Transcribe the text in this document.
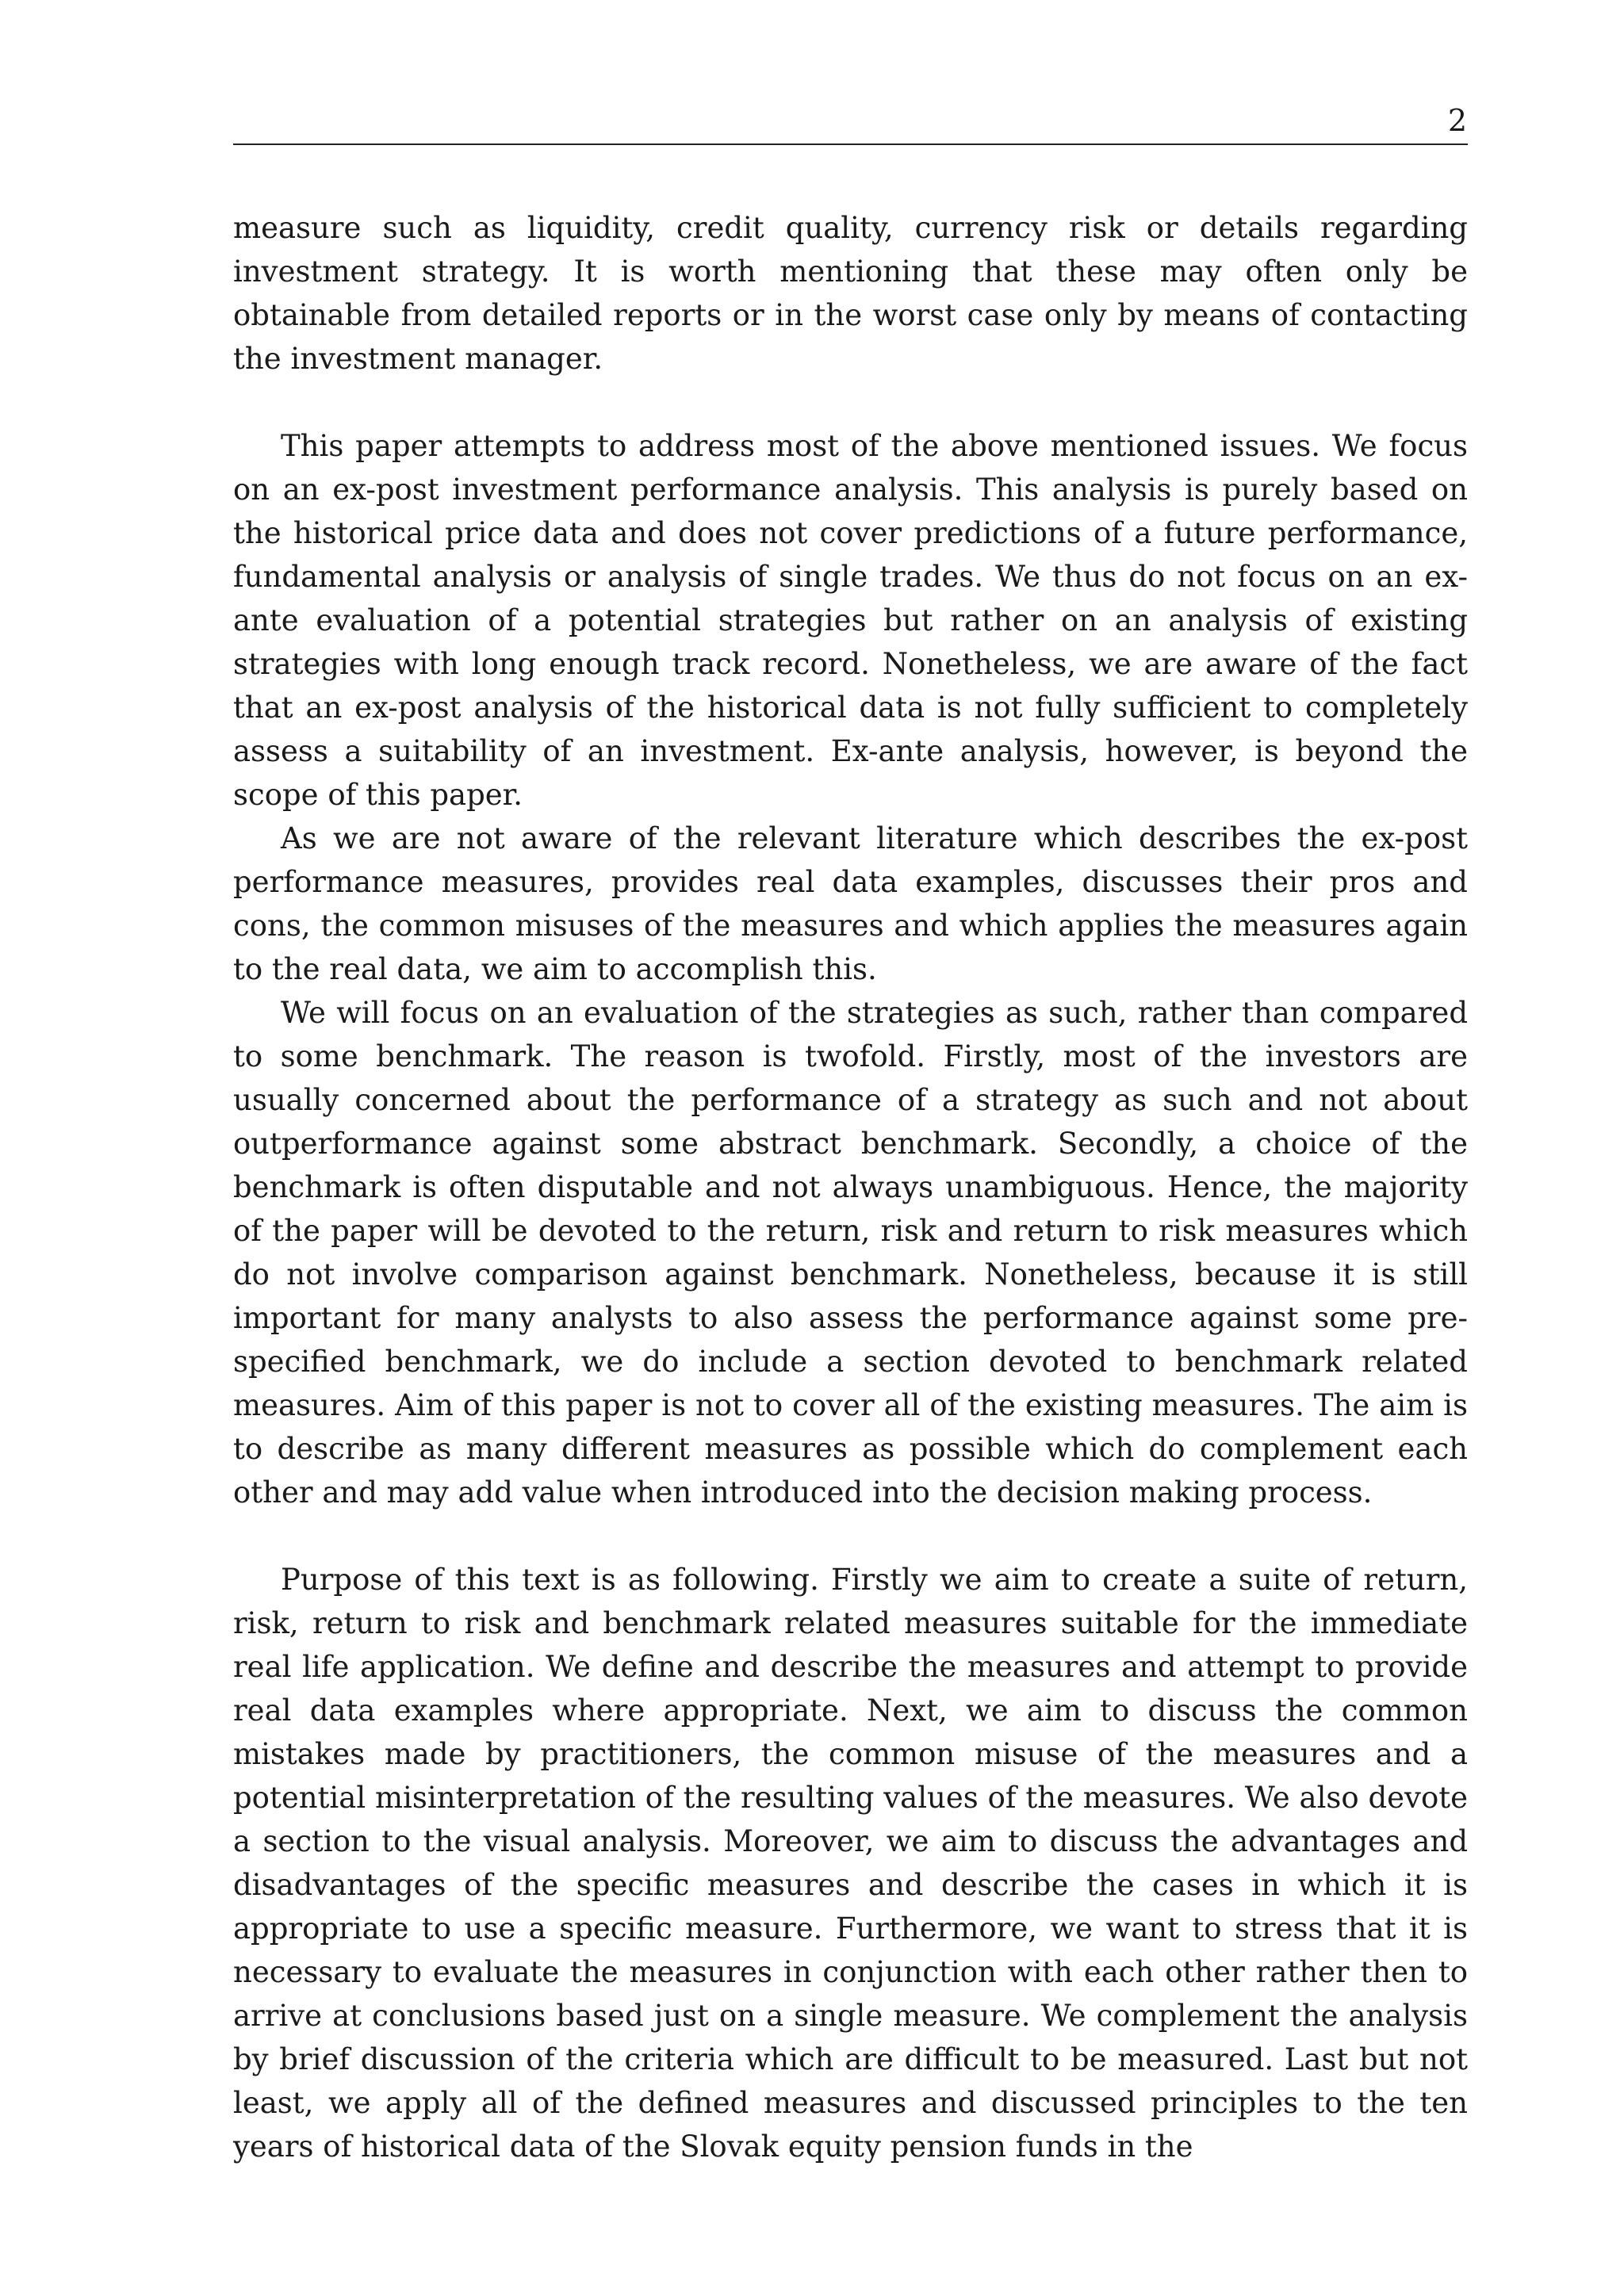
2

measure such as liquidity, credit quality, currency risk or details regarding investment strategy. It is worth mentioning that these may often only be obtainable from detailed reports or in the worst case only by means of contacting the investment manager.

This paper attempts to address most of the above mentioned issues. We focus on an ex-post investment performance analysis. This analysis is purely based on the historical price data and does not cover predictions of a future performance, fundamental analysis or analysis of single trades. We thus do not focus on an ex-ante evaluation of a potential strategies but rather on an analysis of existing strategies with long enough track record. Nonetheless, we are aware of the fact that an ex-post analysis of the historical data is not fully sufficient to completely assess a suitability of an investment. Ex-ante analysis, however, is beyond the scope of this paper.

As we are not aware of the relevant literature which describes the ex-post performance measures, provides real data examples, discusses their pros and cons, the common misuses of the measures and which applies the measures again to the real data, we aim to accomplish this.

We will focus on an evaluation of the strategies as such, rather than compared to some benchmark. The reason is twofold. Firstly, most of the investors are usually concerned about the performance of a strategy as such and not about outperformance against some abstract benchmark. Secondly, a choice of the benchmark is often disputable and not always unambiguous. Hence, the majority of the paper will be devoted to the return, risk and return to risk measures which do not involve comparison against benchmark. Nonetheless, because it is still important for many analysts to also assess the performance against some pre-specified benchmark, we do include a section devoted to benchmark related measures. Aim of this paper is not to cover all of the existing measures. The aim is to describe as many different measures as possible which do complement each other and may add value when introduced into the decision making process.

Purpose of this text is as following. Firstly we aim to create a suite of return, risk, return to risk and benchmark related measures suitable for the immediate real life application. We define and describe the measures and attempt to provide real data examples where appropriate. Next, we aim to discuss the common mistakes made by practitioners, the common misuse of the measures and a potential misinterpretation of the resulting values of the measures. We also devote a section to the visual analysis. Moreover, we aim to discuss the advantages and disadvantages of the specific measures and describe the cases in which it is appropriate to use a specific measure. Furthermore, we want to stress that it is necessary to evaluate the measures in conjunction with each other rather then to arrive at conclusions based just on a single measure. We complement the analysis by brief discussion of the criteria which are difficult to be measured. Last but not least, we apply all of the defined measures and discussed principles to the ten years of historical data of the Slovak equity pension funds in the
